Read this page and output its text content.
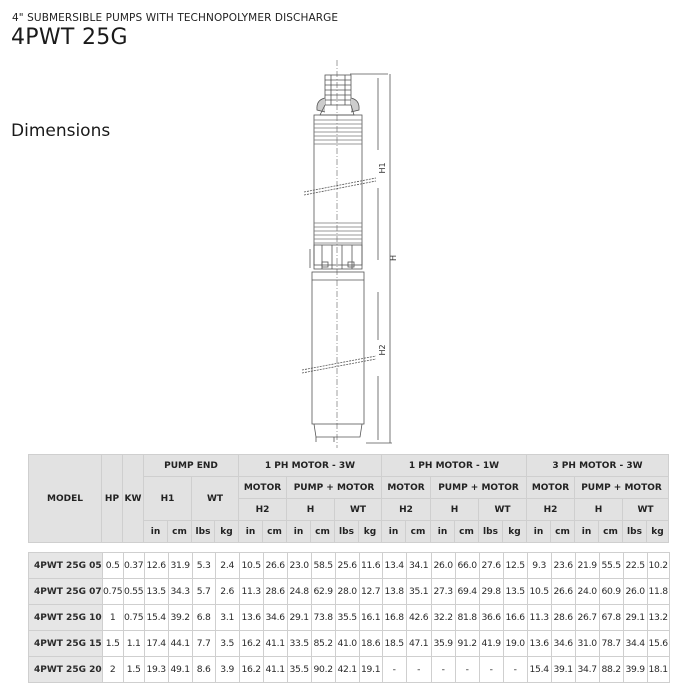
4" SUBMERSIBLE PUMPS WITH TECHNOPOLYMER DISCHARGE
4PWT 25G
Dimensions
H1
H
H2
MODEL	HP	KW	PUMP END				1 PH MOTOR - 3W						1 PH MOTOR - 1W						3 PH MOTOR - 3W					
			H1		WT		MOTOR		PUMP + MOTOR				MOTOR		PUMP + MOTOR				MOTOR		PUMP + MOTOR			
							H2		H		WT		H2		H		WT		H2		H		WT	
			in	cm	lbs	kg	in	cm	in	cm	lbs	kg	in	cm	in	cm	lbs	kg	in	cm	in	cm	lbs	kg
4PWT 25G 05	0.5	0.37	12.6	31.9	5.3	2.4	10.5	26.6	23.0	58.5	25.6	11.6	13.4	34.1	26.0	66.0	27.6	12.5	9.3	23.6	21.9	55.5	22.5	10.2
4PWT 25G 07	0.75	0.55	13.5	34.3	5.7	2.6	11.3	28.6	24.8	62.9	28.0	12.7	13.8	35.1	27.3	69.4	29.8	13.5	10.5	26.6	24.0	60.9	26.0	11.8
4PWT 25G 10	1	0.75	15.4	39.2	6.8	3.1	13.6	34.6	29.1	73.8	35.5	16.1	16.8	42.6	32.2	81.8	36.6	16.6	11.3	28.6	26.7	67.8	29.1	13.2
4PWT 25G 15	1.5	1.1	17.4	44.1	7.7	3.5	16.2	41.1	33.5	85.2	41.0	18.6	18.5	47.1	35.9	91.2	41.9	19.0	13.6	34.6	31.0	78.7	34.4	15.6
4PWT 25G 20	2	1.5	19.3	49.1	8.6	3.9	16.2	41.1	35.5	90.2	42.1	19.1	-	-	-	-	-	-	15.4	39.1	34.7	88.2	39.9	18.1
